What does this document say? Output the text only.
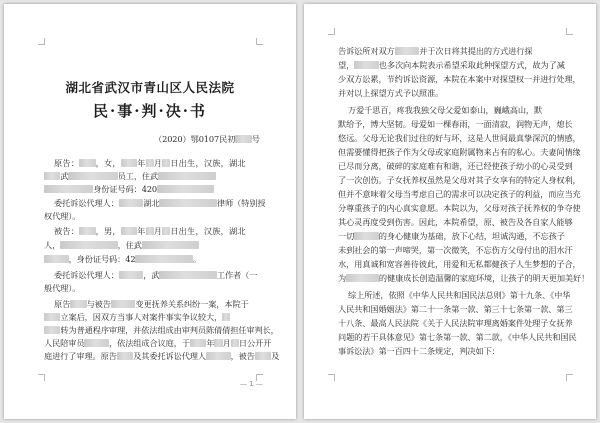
湖北省武汉市青山区人民法院
民·事·判·决·书
（2020）鄂0107民初 号
原告： ，女， 年 月 日出生，汉族，湖北
武	员工，住武
身份证号码：420
委托诉讼代理人：	湖北	律师（特别授
权代理）。
被告： ，男， 年 月 日出生，汉族，湖北
人，	，住武
，身份证号码：42	。
委托诉讼代理人：	，武	工作者（一
般代理）。
原告 与被告	变更抚养关系纠纷一案，本院于
立案后，因双方当事人对案件事实争议较大，
转为普通程序审理，并依法组成由审判员陈倩倩担任审判长，
人民陪审员	，依法组成合议庭，于 年 月 日公开开
庭进行了审理。原告 及其委托诉讼代理人	，被告 及
— 1 —
告诉讼所对双方	并于次日将其提出的方式进行探
望，	也多次向本院表示希望采取此种探望方式，故为了减
少双方讼累，节约诉讼资源，本院在本案中对探望权一并进行处理，
并对以上探望方式予以照准。
万爱千思百，疼我我独父母父爱如泰山，巍峨高山，默
默给予，博大坚韧。母爱如一棵春雨，一面清寂，润物无声，熄长
悠远。父母无论我们过往的好与坏，这是人世间最真挚深沉的情感，
但需要懂得把孩子作为父母或家庭附属物来占有的私心。夫妻间情缘
已尽而分离，破碎的家庭难有和谐，还已经使孩子幼小的心灵受到
了一次创伤。子女抚养权虽然是父母对其子女享有的特定人身权利，
但并不意味着父母当考虑自己的需求可以决定孩子的利益，而应当充
分尊重孩子的内心真实意愿。本院以为，父母对孩子抚养权的争夺使
其心灵再度受到伤害。因此，本院希望，原、被告及各自家人能够
一切	的身心健康为基础，放下心结，坦诚沟通，不忘孩子
未到社会的第一声啼哭，第一次微笑，不忘伤方父母付出的泪水汗
水，用真诚和宽容善待彼此，用爱和无私都健孩子人生梦想的子合，
为	的健康成长创造温馨的家庭环境，让孩子的明天更加美好！
综上所述，依照《中华人民共和国民法总则》第十九条、《中华
人民共和国婚姻法》第二十一条第一款、第三十七条第一款、第三
十八条、最高人民法院《关于人民法院审理离婚案件处理子女抚养
问题的若干具体意见》第七条第一款、第二款，《中华人民共和国民
事诉讼法》第一百四十二条规定，判决如下：
